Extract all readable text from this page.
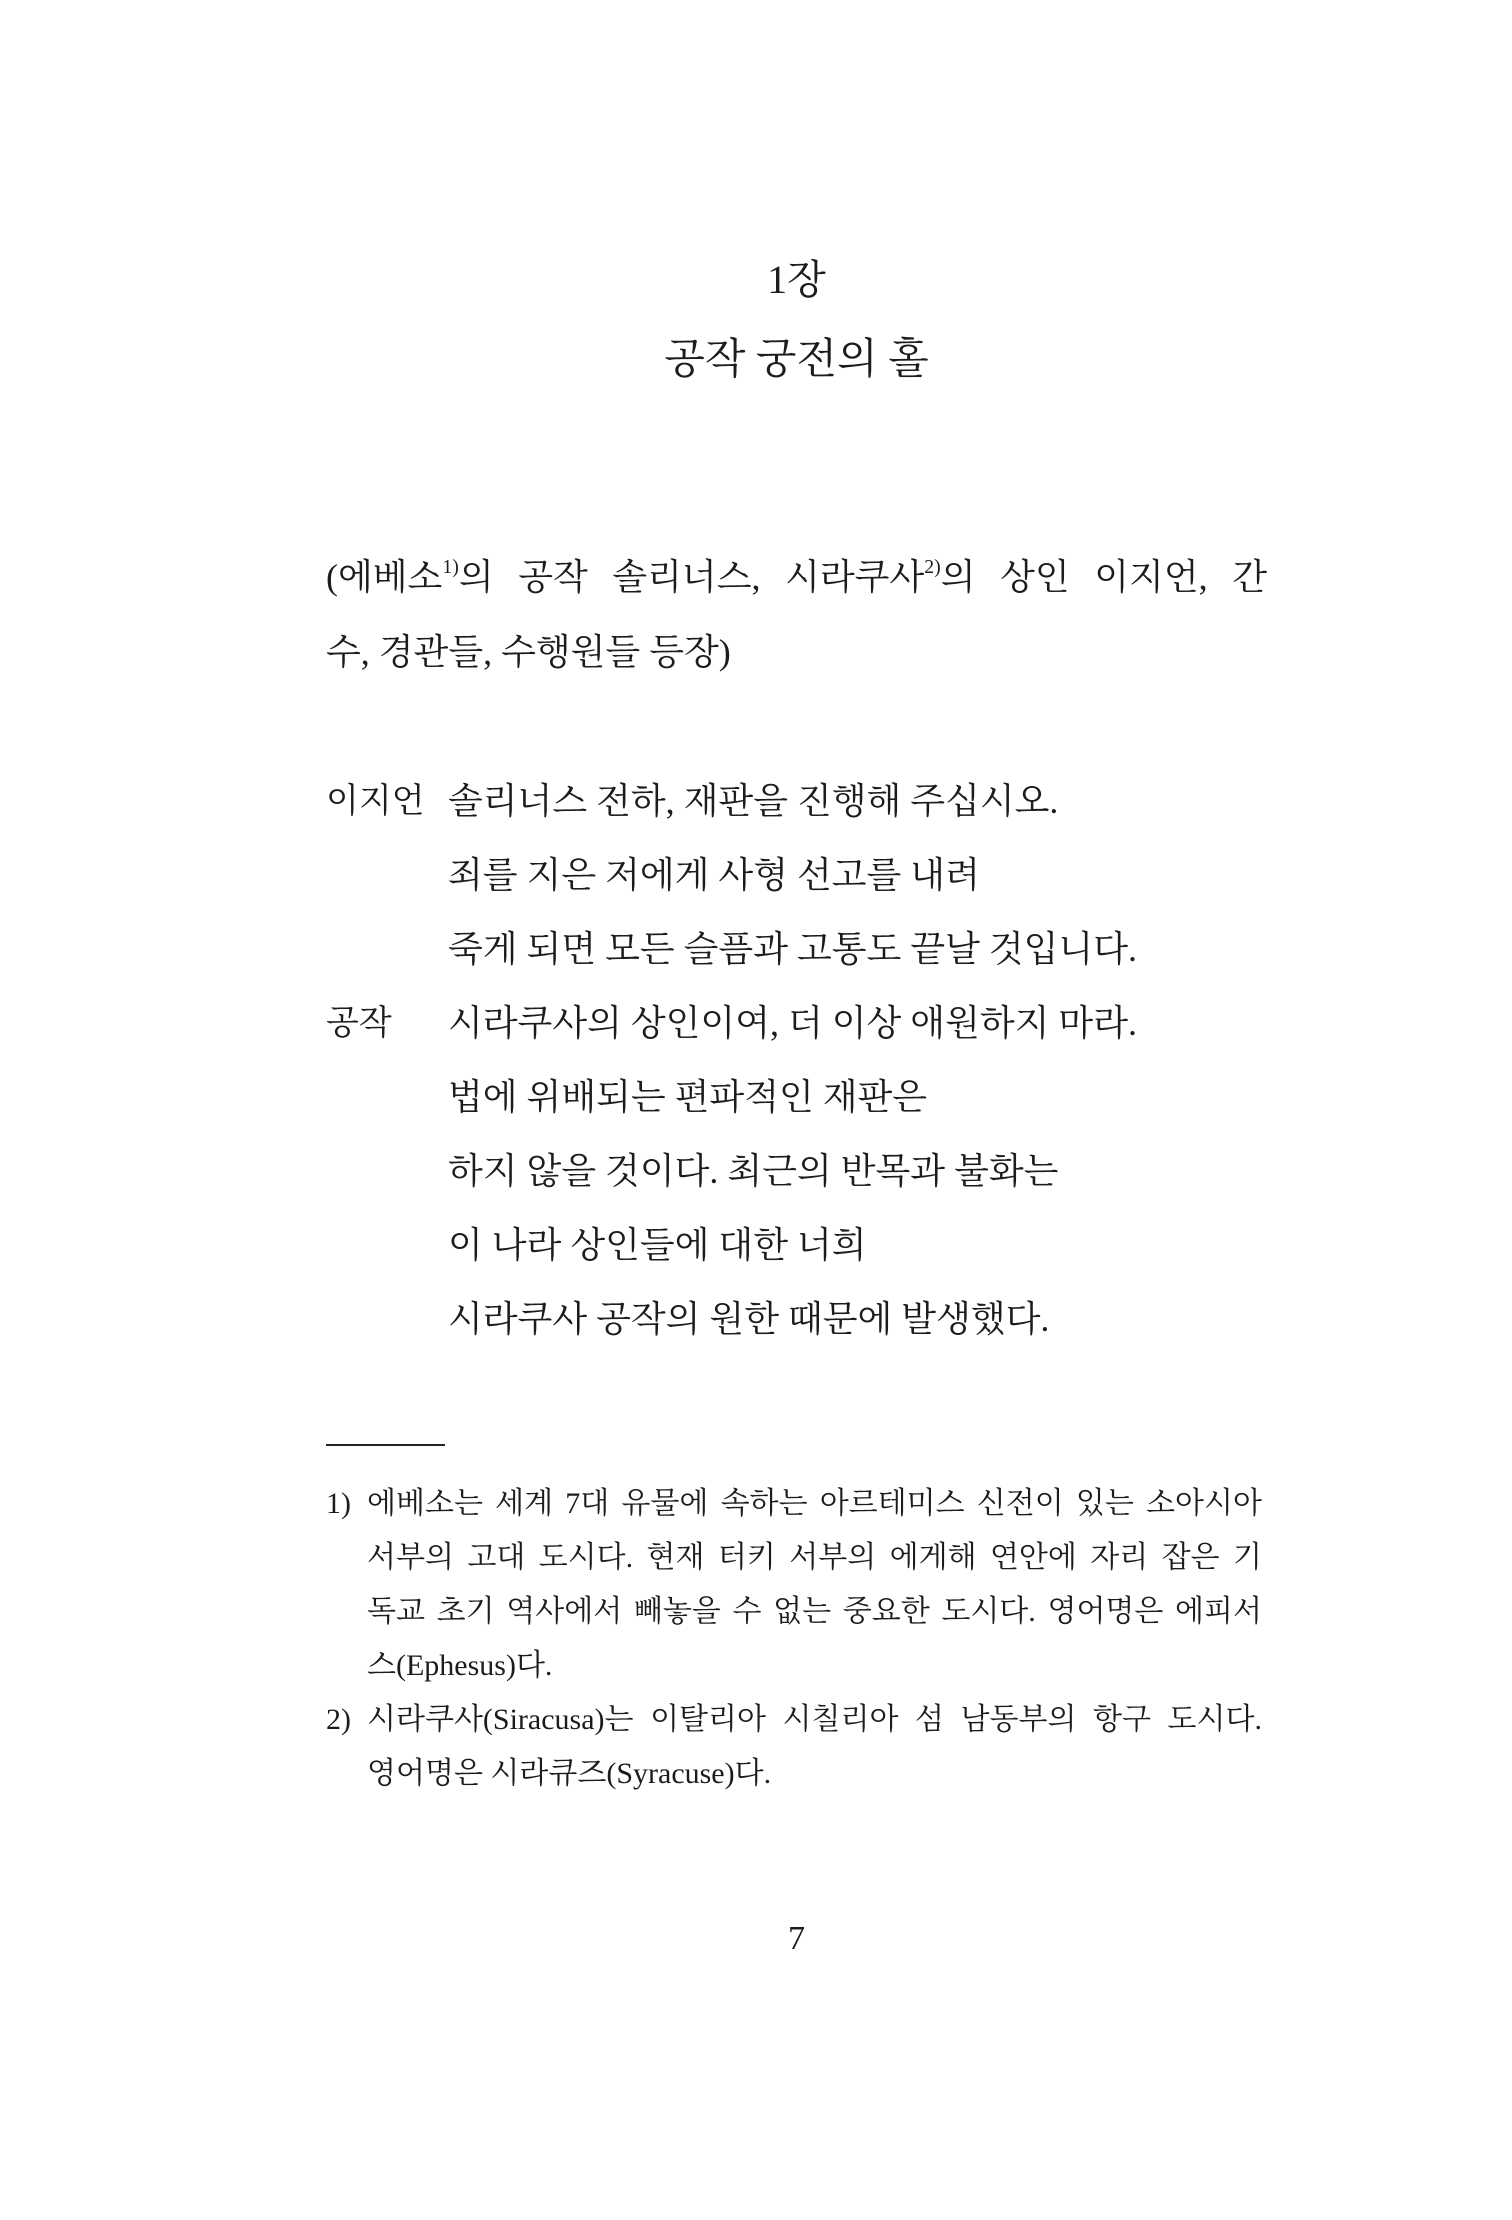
1장
공작 궁전의 홀
(에베소$^{1)}$의 공작 솔리너스, 시라쿠사$^{2)}$의 상인 이지언, 간
수, 경관들, 수행원들 등장)
이지언 솔리너스 전하, 재판을 진행해 주십시오.
죄를 지은 저에게 사형 선고를 내려
죽게 되면 모든 슬픔과 고통도 끝날 것입니다.
공작	시라쿠사의 상인이여, 더 이상 애원하지 마라.
법에 위배되는 편파적인 재판은
하지 않을 것이다. 최근의 반목과 불화는
이 나라 상인들에 대한 너희
시라쿠사 공작의 원한 때문에 발생했다.
1) 에베소는 세계 7대 유물에 속하는 아르테미스 신전이 있는 소아시아
서부의 고대 도시다. 현재 터키 서부의 에게해 연안에 자리 잡은 기
독교 초기 역사에서 빼놓을 수 없는 중요한 도시다. 영어명은 에피서
스(Ephesus)다.
2) 시라쿠사(Siracusa)는 이탈리아 시칠리아 섬 남동부의 항구 도시다.
영어명은 시라큐즈(Syracuse)다.
7
